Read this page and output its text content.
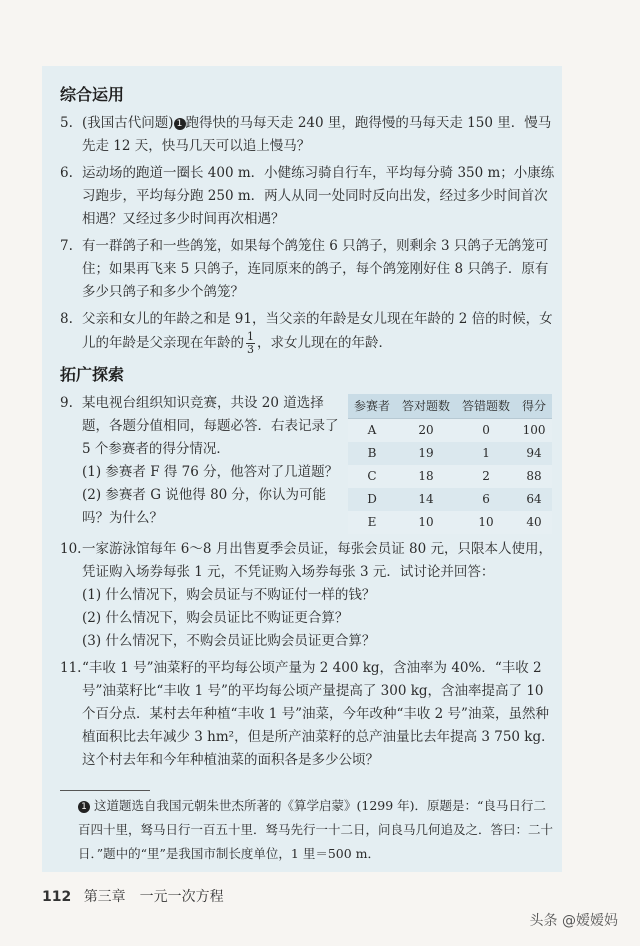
综合运用
5. (我国古代问题) 1 跑得快的马每天走 240 里，跑得慢的马每天走 150 里．慢马先走 12 天，快马几天可以追上慢马？
6. 运动场的跑道一圈长 400 m．小健练习骑自行车，平均每分骑 350 m；小康练习跑步，平均每分跑 250 m．两人从同一处同时反向出发，经过多少时间首次相遇？又经过多少时间再次相遇？
7. 有一群鸽子和一些鸽笼，如果每个鸽笼住 6 只鸽子，则剩余 3 只鸽子无鸽笼可住；如果再飞来 5 只鸽子，连同原来的鸽子，每个鸽笼刚好住 8 只鸽子．原有多少只鸽子和多少个鸽笼？
8. 父亲和女儿的年龄之和是 91，当父亲的年龄是女儿现在年龄的 2 倍的时候，女儿的年龄是父亲现在年龄的 $\frac{1}{3}$ ，求女儿现在的年龄．
拓广探索
9. 某电视台组织知识竞赛，共设 20 道选择题，各题分值相同，每题必答．右表记录了 5 个参赛者的得分情况．
(1) 参赛者 F 得 76 分，他答对了几道题？
(2) 参赛者 G 说他得 80 分，你认为可能吗？为什么？
参赛者	答对题数	答错题数	得分
A	20	0	100
B	19	1	94
C	18	2	88
D	14	6	64
E	10	10	40
10. 一家游泳馆每年 6～8 月出售夏季会员证，每张会员证 80 元，只限本人使用，凭证购入场券每张 1 元，不凭证购入场券每张 3 元．试讨论并回答：
(1) 什么情况下，购会员证与不购证付一样的钱？
(2) 什么情况下，购会员证比不购证更合算？
(3) 什么情况下，不购会员证比购会员证更合算？
11. “丰收 1 号”油菜籽的平均每公顷产量为 2 400 kg，含油率为 40%．“丰收 2 号”油菜籽比“丰收 1 号”的平均每公顷产量提高了 300 kg，含油率提高了 10 个百分点．某村去年种植“丰收 1 号”油菜，今年改种“丰收 2 号”油菜，虽然种植面积比去年减少 3 hm²，但是所产油菜籽的总产油量比去年提高 3 750 kg．这个村去年和今年种植油菜的面积各是多少公顷？
1 这道题选自我国元朝朱世杰所著的《算学启蒙》(1299 年)．原题是：“良马日行二百四十里，驽马日行一百五十里．驽马先行一十二日，问良马几何追及之．答曰：二十日．”题中的“里”是我国市制长度单位，1 里＝500 m．
112 第三章　一元一次方程
头条 @嫒嫒妈
